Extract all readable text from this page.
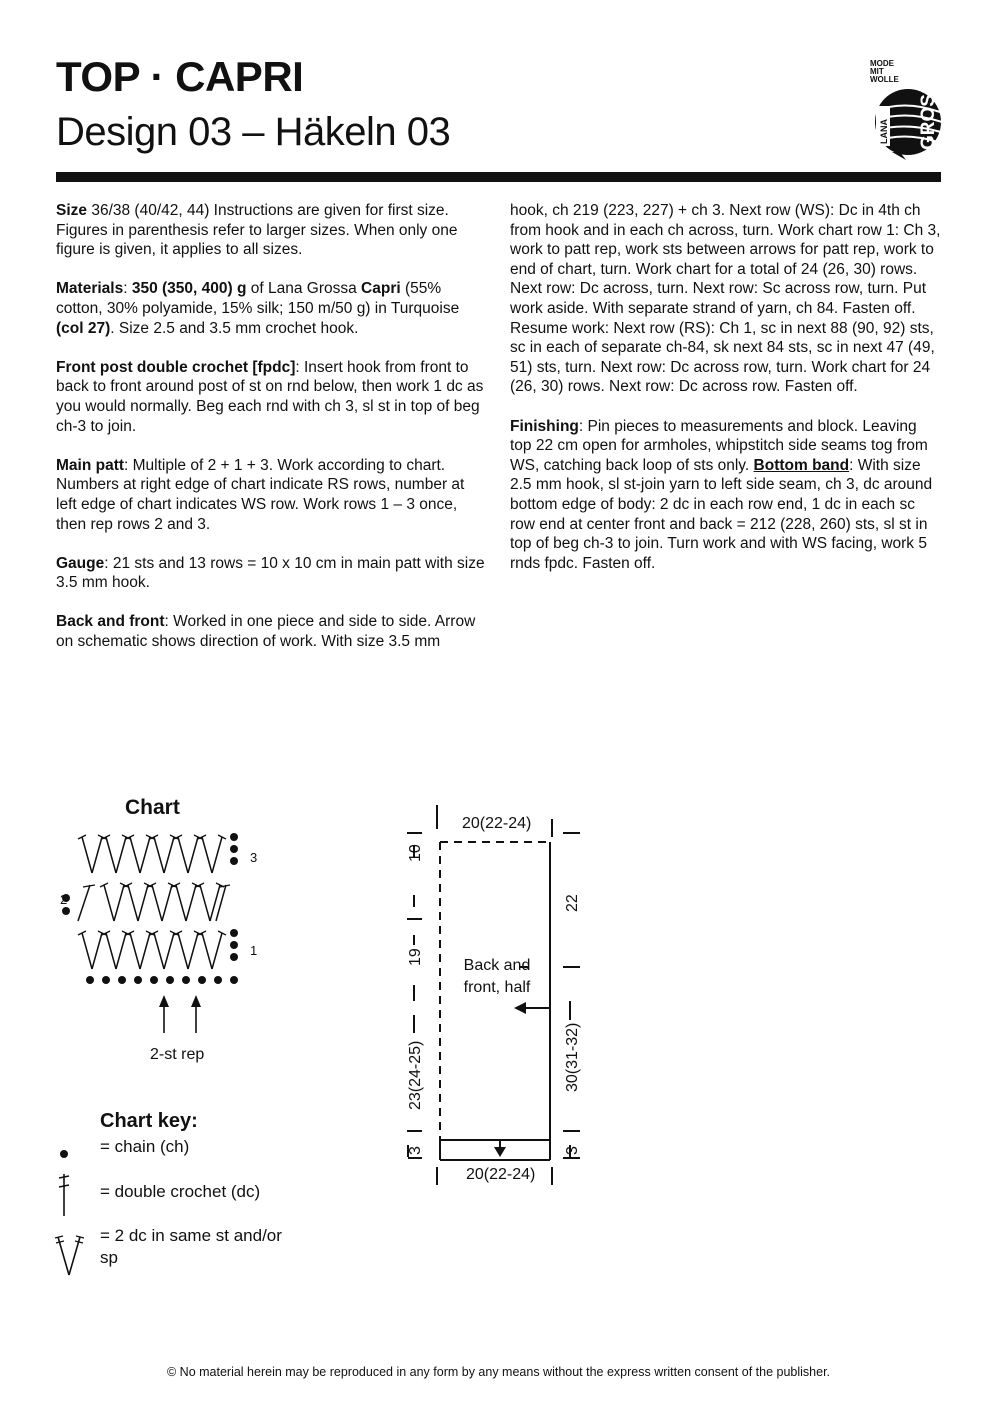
TOP · CAPRI
Design 03 – Häkeln 03
MODE
MIT
WOLLE
LANA GROSSA

Size 36/38 (40/42, 44) Instructions are given for first size. Figures in parenthesis refer to larger sizes. When only one figure is given, it applies to all sizes.

Materials: 350 (350, 400) g of Lana Grossa Capri (55% cotton, 30% polyamide, 15% silk; 150 m/50 g) in Turquoise (col 27). Size 2.5 and 3.5 mm crochet hook.

Front post double crochet [fpdc]: Insert hook from front to back to front around post of st on rnd below, then work 1 dc as you would normally. Beg each rnd with ch 3, sl st in top of beg ch-3 to join.

Main patt: Multiple of 2 + 1 + 3. Work according to chart. Numbers at right edge of chart indicate RS rows, number at left edge of chart indicates WS row. Work rows 1 – 3 once, then rep rows 2 and 3.

Gauge: 21 sts and 13 rows = 10 x 10 cm in main patt with size 3.5 mm hook.

Back and front: Worked in one piece and side to side. Arrow on schematic shows direction of work. With size 3.5 mm

hook, ch 219 (223, 227) + ch 3. Next row (WS): Dc in 4th ch from hook and in each ch across, turn. Work chart row 1: Ch 3, work to patt rep, work sts between arrows for patt rep, work to end of chart, turn. Work chart for a total of 24 (26, 30) rows. Next row: Dc across, turn. Next row: Sc across row, turn. Put work aside. With separate strand of yarn, ch 84. Fasten off. Resume work: Next row (RS): Ch 1, sc in next 88 (90, 92) sts, sc in each of separate ch-84, sk next 84 sts, sc in next 47 (49, 51) sts, turn. Next row: Dc across row, turn. Work chart for 24 (26, 30) rows. Next row: Dc across row. Fasten off.

Finishing: Pin pieces to measurements and block. Leaving top 22 cm open for armholes, whipstitch side seams tog from WS, catching back loop of sts only. Bottom band: With size 2.5 mm hook, sl st-join yarn to left side seam, ch 3, dc around bottom edge of body: 2 dc in each row end, 1 dc in each sc row end at center front and back = 212 (228, 260) sts, sl st in top of beg ch-3 to join. Turn work and with WS facing, work 5 rnds fpdc. Fasten off.

Chart
3
2
1
2-st rep
Chart key:
= chain (ch)
= double crochet (dc)
= 2 dc in same st and/or sp
20(22-24)
20(22-24)
10
19
23(24-25)
3
22
30(31-32)
3
Back and front, half
© No material herein may be reproduced in any form by any means without the express written consent of the publisher.
